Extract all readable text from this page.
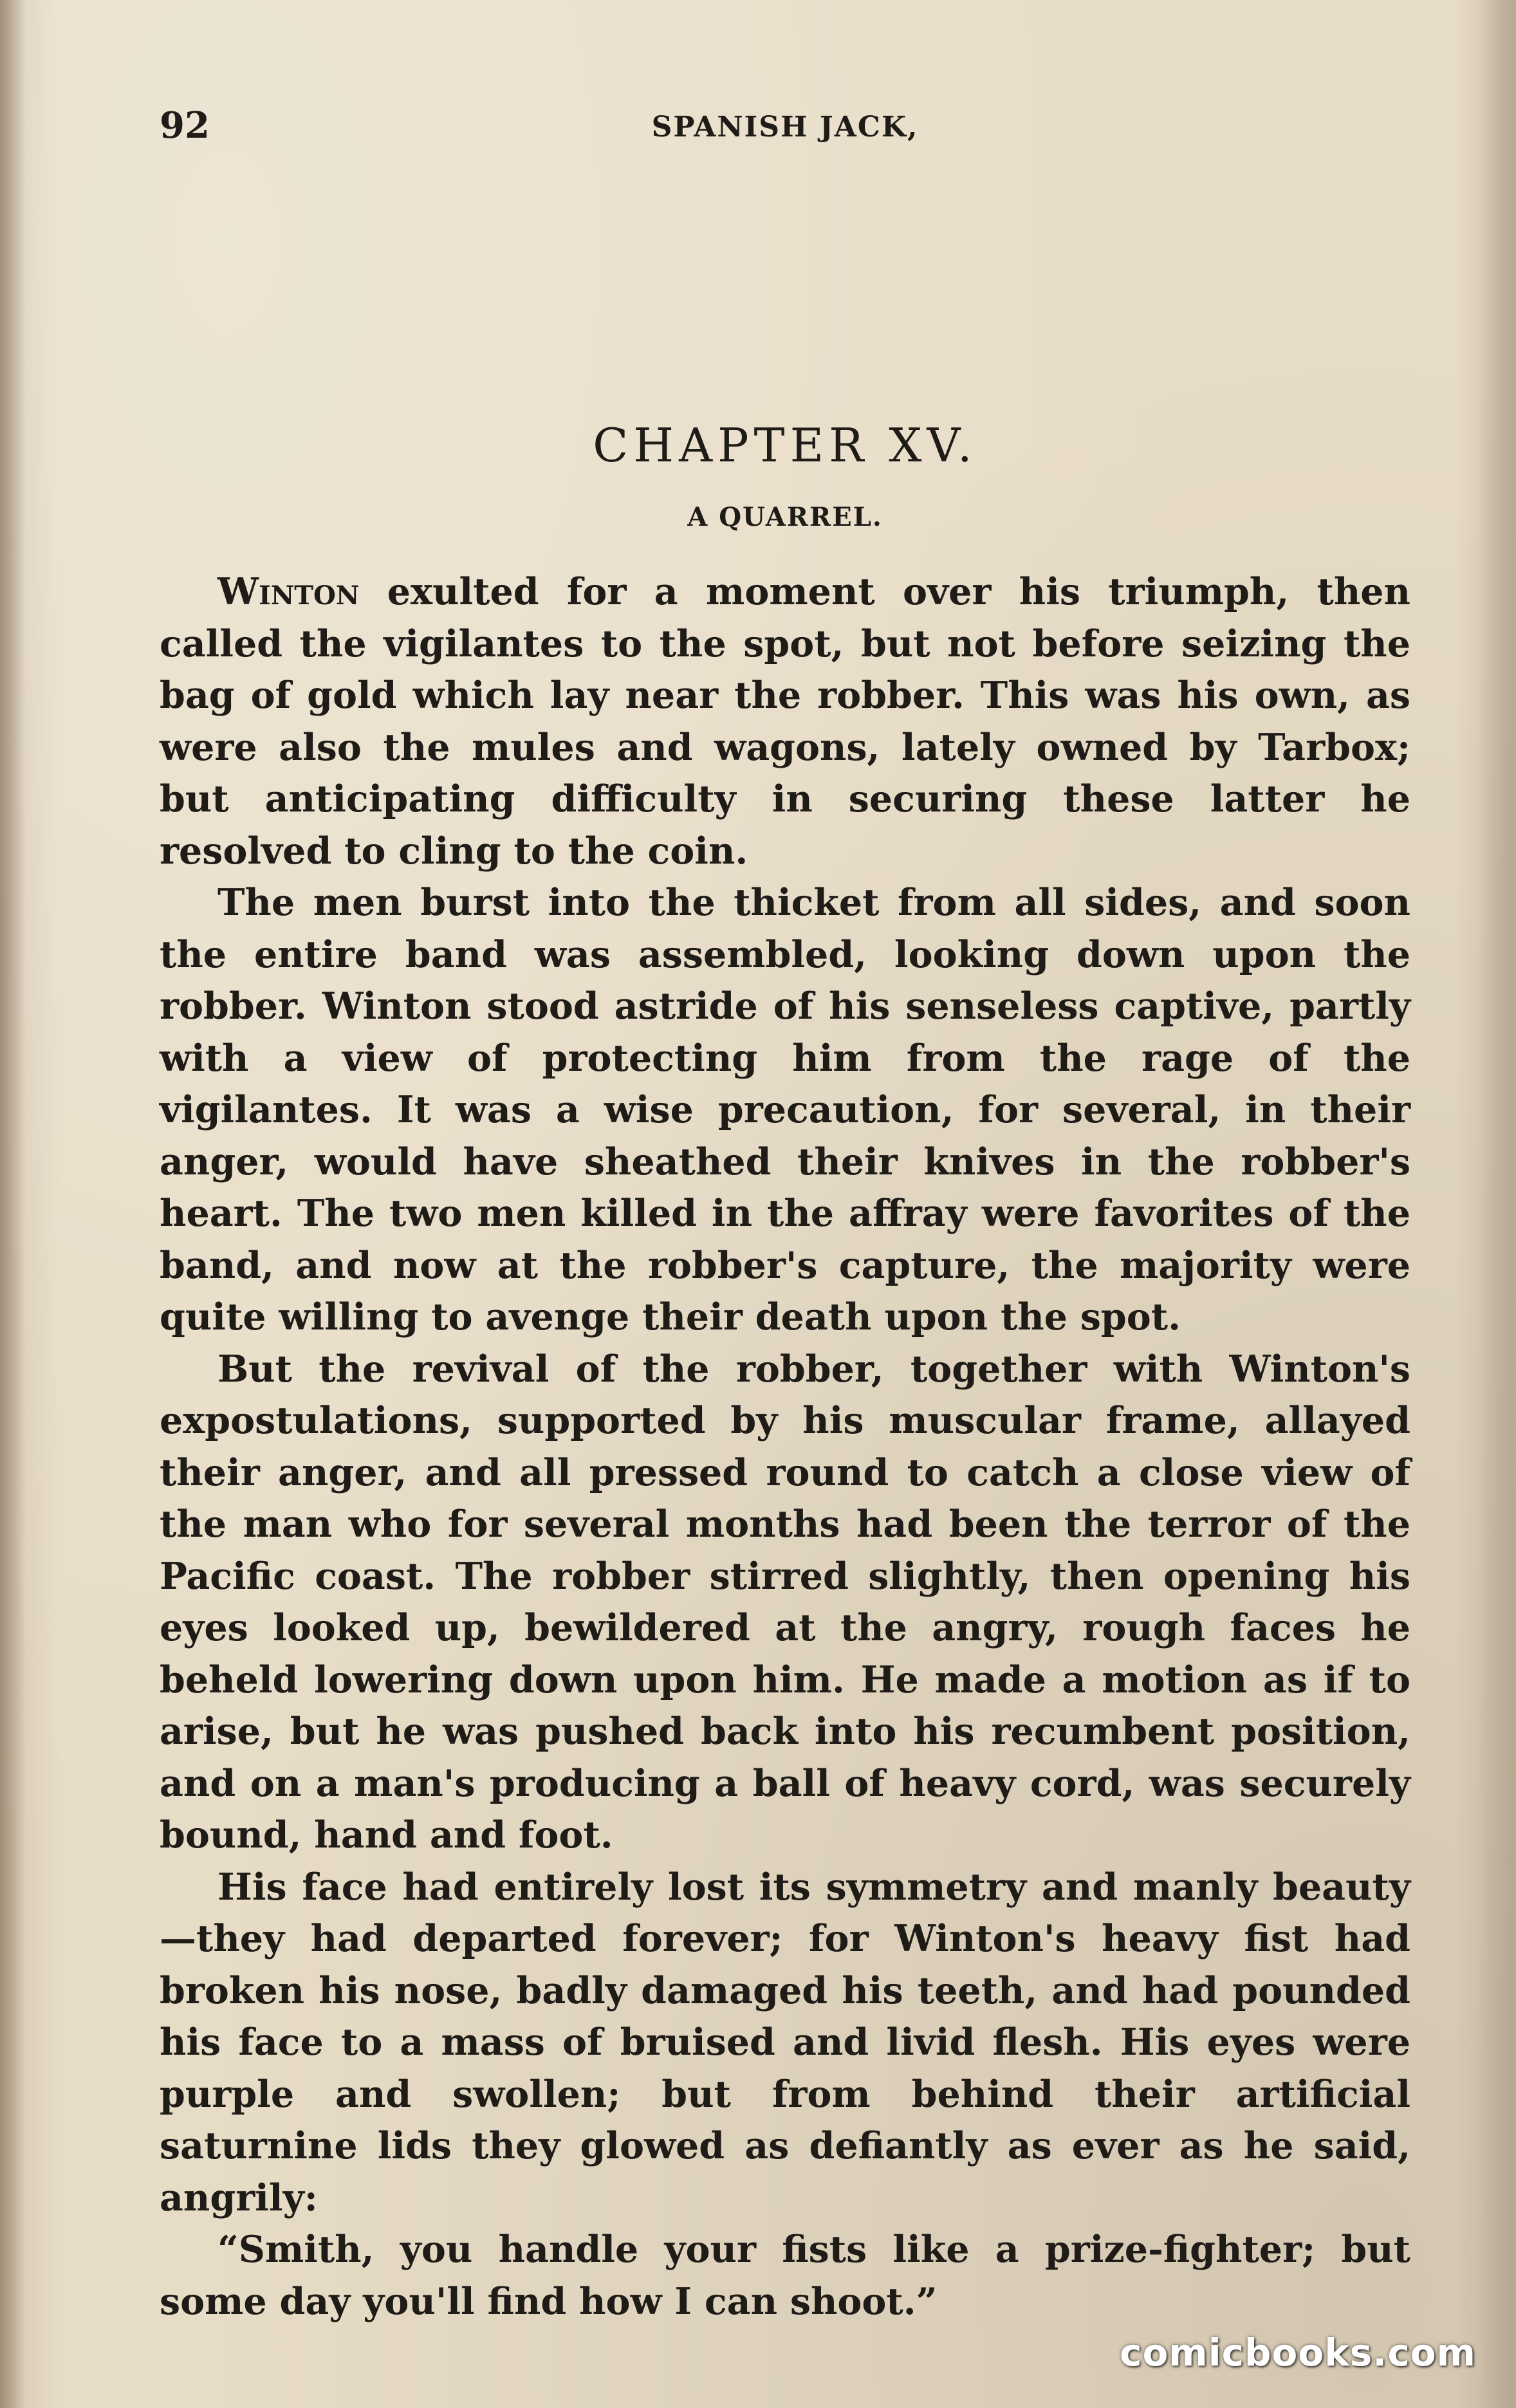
92	SPANISH JACK,
CHAPTER XV.
A QUARREL.

Winton exulted for a moment over his triumph, then called the vigilantes to the spot, but not before seizing the bag of gold which lay near the robber. This was his own, as were also the mules and wagons, lately owned by Tarbox; but anticipating difficulty in securing these latter he resolved to cling to the coin.

The men burst into the thicket from all sides, and soon the entire band was assembled, looking down upon the robber. Winton stood astride of his senseless captive, partly with a view of protecting him from the rage of the vigilantes. It was a wise precaution, for several, in their anger, would have sheathed their knives in the robber's heart. The two men killed in the affray were favorites of the band, and now at the robber's capture, the majority were quite willing to avenge their death upon the spot.

But the revival of the robber, together with Winton's expostulations, supported by his muscular frame, allayed their anger, and all pressed round to catch a close view of the man who for several months had been the terror of the Pacific coast. The robber stirred slightly, then opening his eyes looked up, bewildered at the angry, rough faces he beheld lowering down upon him. He made a motion as if to arise, but he was pushed back into his recumbent position, and on a man's producing a ball of heavy cord, was securely bound, hand and foot.

His face had entirely lost its symmetry and manly beauty—they had departed forever; for Winton's heavy fist had broken his nose, badly damaged his teeth, and had pounded his face to a mass of bruised and livid flesh. His eyes were purple and swollen; but from behind their artificial saturnine lids they glowed as defiantly as ever as he said, angrily:

“Smith, you handle your fists like a prize-fighter; but some day you'll find how I can shoot.”

comicbooks.com
